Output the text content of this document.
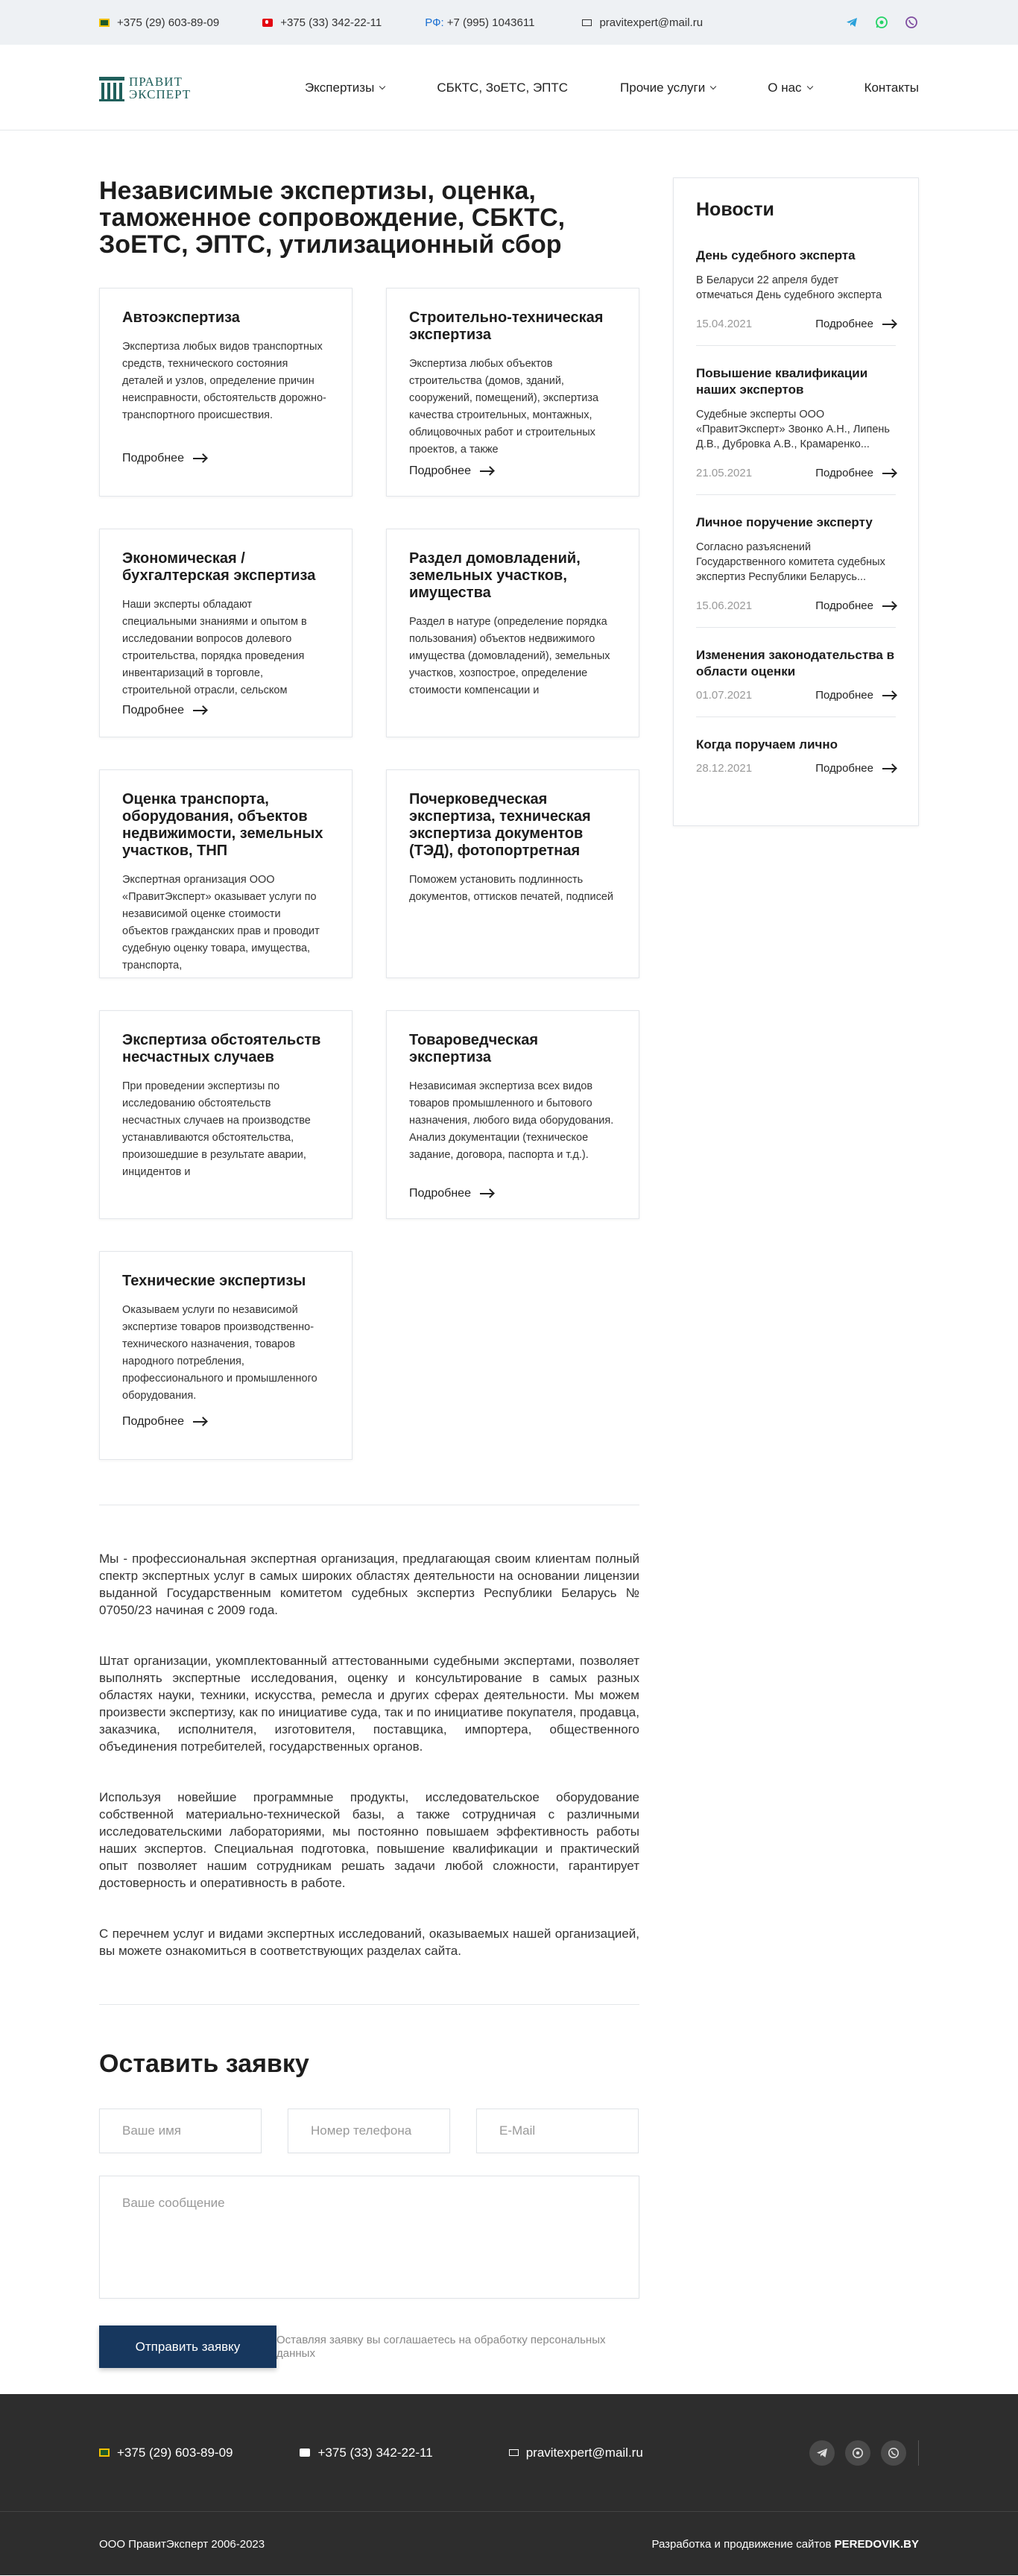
+375 (29) 603-89-09	+375 (33) 342-22-11	РФ: +7 (995) 1043611	pravitexpert@mail.ru
ПРАВИТ
ЭКСПЕРТ	Экспертизы	СБКТС, ЗоЕТС, ЭПТС	Прочие услуги	О нас	Контакты
Независимые экспертизы, оценка, таможенное сопровождение, СБКТС, ЗоЕТС, ЭПТС, утилизационный сбор
Автоэкспертиза

Экспертиза любых видов транспортных средств, технического состояния деталей и узлов, определение причин неисправности, обстоятельств дорожно-транспортного происшествия.

Подробнее
Строительно-техническая экспертиза

Экспертиза любых объектов строительства (домов, зданий, сооружений, помещений), экспертиза качества строительных, монтажных, облицовочных работ и строительных проектов, а также

Подробнее
Экономическая / бухгалтерская экспертиза

Наши эксперты обладают специальными знаниями и опытом в исследовании вопросов долевого строительства, порядка проведения инвентаризаций в торговле, строительной отрасли, сельском

Подробнее
Раздел домовладений, земельных участков, имущества

Раздел в натуре (определение порядка пользования) объектов недвижимого имущества (домовладений), земельных участков, хозпострое, определение стоимости компенсации и

Оценка транспорта, оборудования, объектов недвижимости, земельных участков, ТНП

Экспертная организация ООО «ПравитЭксперт» оказывает услуги по независимой оценке стоимости объектов гражданских прав и проводит судебную оценку товара, имущества, транспорта,

Почерковедческая экспертиза, техническая экспертиза документов (ТЭД), фотопортретная

Поможем установить подлинность документов, оттисков печатей, подписей

Экспертиза обстоятельств несчастных случаев

При проведении экспертизы по исследованию обстоятельств несчастных случаев на производстве устанавливаются обстоятельства, произошедшие в результате аварии, инцидентов и

Товароведческая экспертиза

Независимая экспертиза всех видов товаров промышленного и бытового назначения, любого вида оборудования. Анализ документации (техническое задание, договора, паспорта и т.д.).

Подробнее
Технические экспертизы

Оказываем услуги по независимой экспертизе товаров производственно-технического назначения, товаров народного потребления, профессионального и промышленного оборудования.

Подробнее

Мы - профессиональная экспертная организация, предлагающая своим клиентам полный спектр экспертных услуг в самых широких областях деятельности на основании лицензии выданной Государственным комитетом судебных экспертиз Республики Беларусь № 07050/23 начиная с 2009 года.

Штат организации, укомплектованный аттестованными судебными экспертами, позволяет выполнять экспертные исследования, оценку и консультирование в самых разных областях науки, техники, искусства, ремесла и других сферах деятельности. Мы можем произвести экспертизу, как по инициативе суда, так и по инициативе покупателя, продавца, заказчика, исполнителя, изготовителя, поставщика, импортера, общественного объединения потребителей, государственных органов.

Используя новейшие программные продукты, исследовательское оборудование собственной материально-технической базы, а также сотрудничая с различными исследовательскими лабораториями, мы постоянно повышаем эффективность работы наших экспертов. Специальная подготовка, повышение квалификации и практический опыт позволяет нашим сотрудникам решать задачи любой сложности, гарантирует достоверность и оперативность в работе.

С перечнем услуг и видами экспертных исследований, оказываемых нашей организацией, вы можете ознакомиться в соответствующих разделах сайта.

Оставить заявку
Ваше имя	Номер телефона	E-Mail
Ваше сообщение
Отправить заявку	Оставляя заявку вы соглашаетесь на обработку персональных данных
Новости
День судебного эксперта

В Беларуси 22 апреля будет отмечаться День судебного эксперта

15.04.2021	Подробнее
Повышение квалификации наших экспертов

Судебные эксперты ООО «ПравитЭксперт» Звонко А.Н., Липень Д.В., Дубровка А.В., Крамаренко...

21.05.2021	Подробнее
Личное поручение эксперту

Согласно разъяснений Государственного комитета судебных экспертиз Республики Беларусь...

15.06.2021	Подробнее
Изменения законодательства в области оценки
01.07.2021	Подробнее
Когда поручаем лично
28.12.2021	Подробнее
+375 (29) 603-89-09	+375 (33) 342-22-11	pravitexpert@mail.ru
ООО ПравитЭксперт 2006-2023	Разработка и продвижение сайтов PEREDOVIK.BY
